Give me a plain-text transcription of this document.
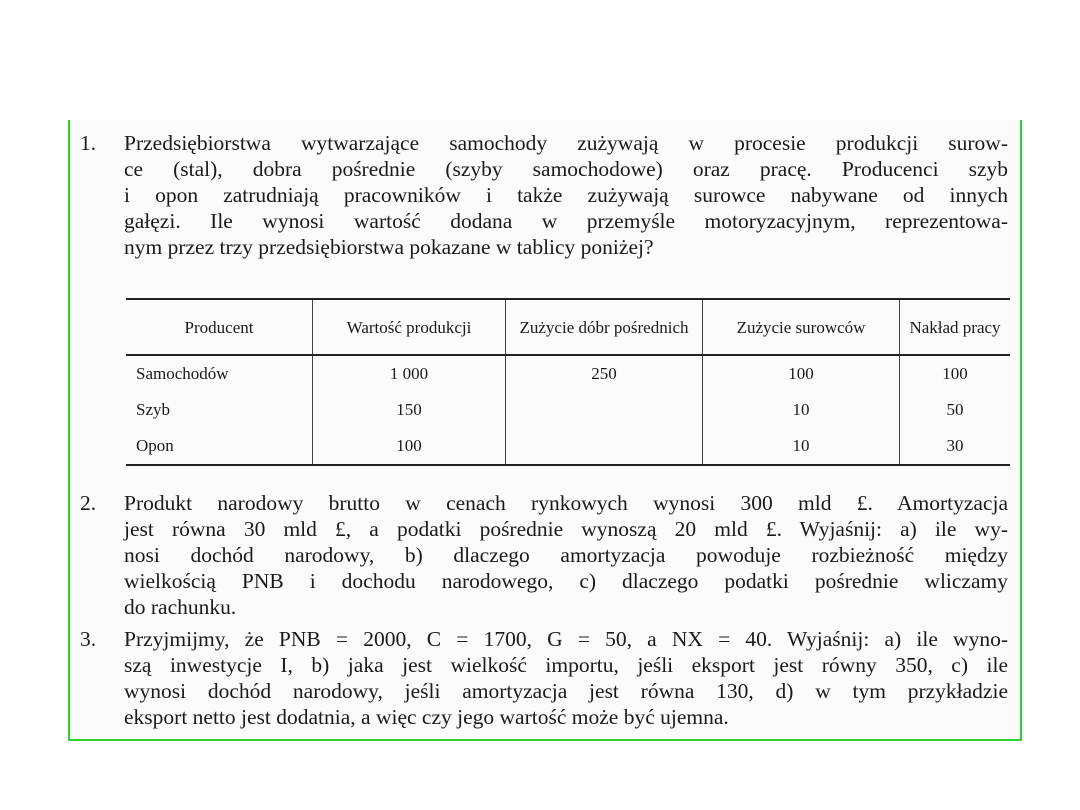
1.	Przedsiębiorstwa wytwarzające samochody zużywają w procesie produkcji surow-
ce (stal), dobra pośrednie (szyby samochodowe) oraz pracę. Producenci szyb
i opon zatrudniają pracowników i także zużywają surowce nabywane od innych
gałęzi. Ile wynosi wartość dodana w przemyśle motoryzacyjnym, reprezentowa-
nym przez trzy przedsiębiorstwa pokazane w tablicy poniżej?
Producent	Wartość produkcji	Zużycie dóbr pośrednich	Zużycie surowców	Nakład pracy
Samochodów	1 000	250	100	100
Szyb	150		10	50
Opon	100		10	30
2.	Produkt narodowy brutto w cenach rynkowych wynosi 300 mld £. Amortyzacja
jest równa 30 mld £, a podatki pośrednie wynoszą 20 mld £. Wyjaśnij: a) ile wy-
nosi dochód narodowy, b) dlaczego amortyzacja powoduje rozbieżność między
wielkością PNB i dochodu narodowego, c) dlaczego podatki pośrednie wliczamy
do rachunku.
3.	Przyjmijmy, że PNB = 2000, C = 1700, G = 50, a NX = 40. Wyjaśnij: a) ile wyno-
szą inwestycje I, b) jaka jest wielkość importu, jeśli eksport jest równy 350, c) ile
wynosi dochód narodowy, jeśli amortyzacja jest równa 130, d) w tym przykładzie
eksport netto jest dodatnia, a więc czy jego wartość może być ujemna.
